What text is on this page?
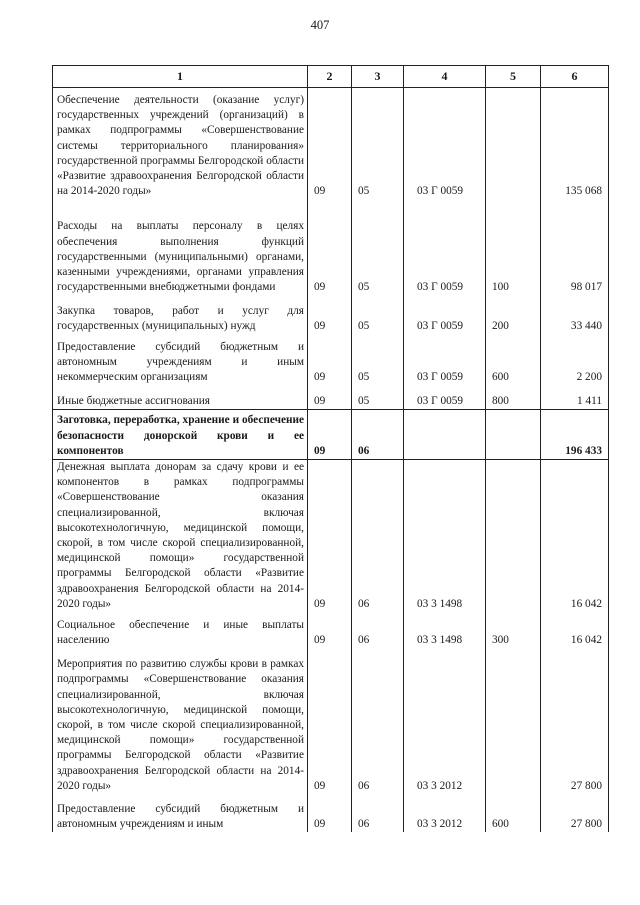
407
1	2	3	4	5	6
Обеспечение деятельности (оказание услуг) государственных учреждений (организаций) в рамках подпрограммы «Совершенствование системы территориального планирования» государственной программы Белгородской области «Развитие здравоохранения Белгородской области на 2014-2020 годы»	09	05	03 Г 0059		135 068
Расходы на выплаты персоналу в целях обеспечения выполнения функций государственными (муниципальными) органами, казенными учреждениями, органами управления государственными внебюджетными фондами	09	05	03 Г 0059	100	98 017
Закупка товаров, работ и услуг для государственных (муниципальных) нужд	09	05	03 Г 0059	200	33 440
Предоставление субсидий бюджетным и автономным учреждениям и иным некоммерческим организациям	09	05	03 Г 0059	600	2 200
Иные бюджетные ассигнования	09	05	03 Г 0059	800	1 411
Заготовка, переработка, хранение и обеспечение безопасности донорской крови и ее компонентов	09	06			196 433
Денежная выплата донорам за сдачу крови и ее компонентов в рамках подпрограммы «Совершенствование оказания специализированной, включая высокотехнологичную, медицинской помощи, скорой, в том числе скорой специализированной, медицинской помощи» государственной программы Белгородской области «Развитие здравоохранения Белгородской области на 2014-2020 годы»	09	06	03 3 1498		16 042
Социальное обеспечение и иные выплаты населению	09	06	03 3 1498	300	16 042
Мероприятия по развитию службы крови в рамках подпрограммы «Совершенствование оказания специализированной, включая высокотехнологичную, медицинской помощи, скорой, в том числе скорой специализированной, медицинской помощи» государственной программы Белгородской области «Развитие здравоохранения Белгородской области на 2014-2020 годы»	09	06	03 3 2012		27 800
Предоставление субсидий бюджетным и автономным учреждениям и иным	09	06	03 3 2012	600	27 800
